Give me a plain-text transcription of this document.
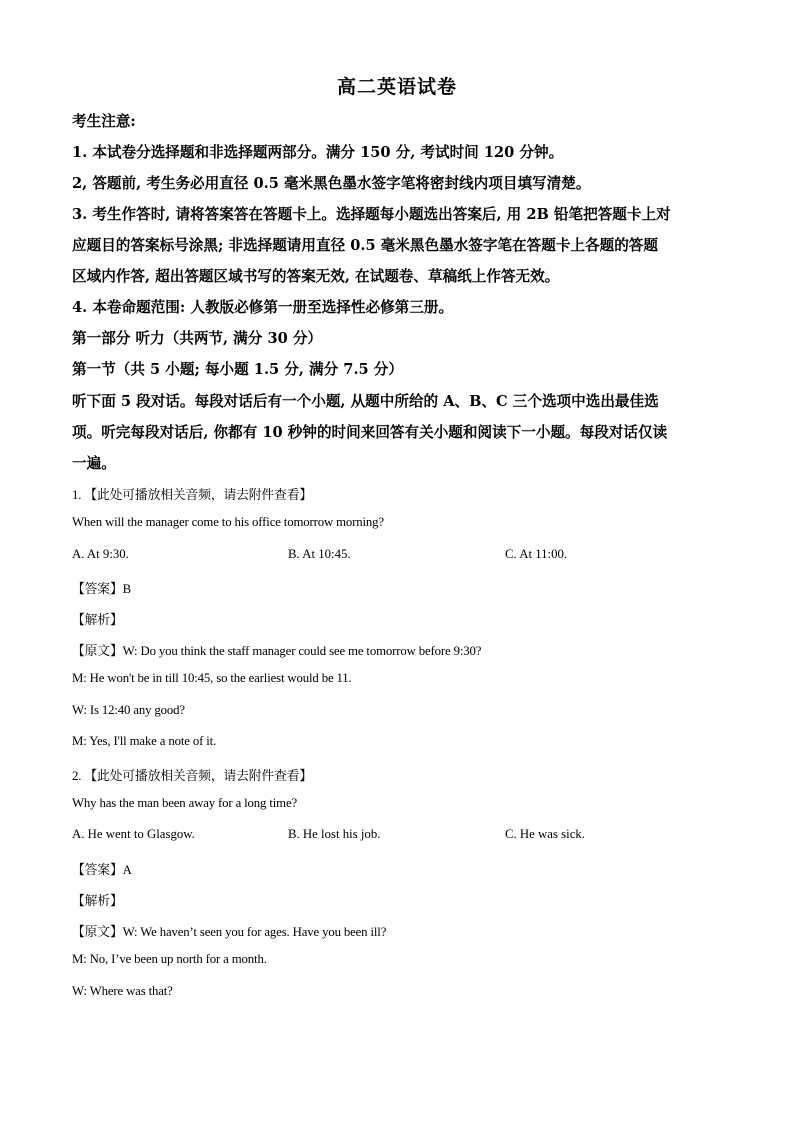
高二英语试卷
考生注意:
1. 本试卷分选择题和非选择题两部分。满分 150 分, 考试时间 120 分钟。
2, 答题前, 考生务必用直径 0.5 毫米黑色墨水签字笔将密封线内项目填写清楚。
3. 考生作答时, 请将答案答在答题卡上。选择题每小题选出答案后, 用 2B 铅笔把答题卡上对
应题目的答案标号涂黑; 非选择题请用直径 0.5 毫米黑色墨水签字笔在答题卡上各题的答题
区域内作答, 超出答题区域书写的答案无效, 在试题卷、草稿纸上作答无效。
4. 本卷命题范围: 人教版必修第一册至选择性必修第三册。
第一部分 听力（共两节, 满分 30 分）
第一节（共 5 小题; 每小题 1.5 分, 满分 7.5 分）
听下面 5 段对话。每段对话后有一个小题, 从题中所给的 A、B、C 三个选项中选出最佳选
项。听完每段对话后, 你都有 10 秒钟的时间来回答有关小题和阅读下一小题。每段对话仅读
一遍。
1. 【此处可播放相关音频，请去附件查看】
When will the manager come to his office tomorrow morning?
A. At 9:30.	B. At 10:45.	C. At 11:00.
【答案】B
【解析】
【原文】W: Do you think the staff manager could see me tomorrow before 9:30?
M: He won't be in till 10:45, so the earliest would be 11.
W: Is 12:40 any good?
M: Yes, I'll make a note of it.
2. 【此处可播放相关音频，请去附件查看】
Why has the man been away for a long time?
A. He went to Glasgow.	B. He lost his job.	C. He was sick.
【答案】A
【解析】
【原文】W: We haven’t seen you for ages. Have you been ill?
M: No, I’ve been up north for a month.
W: Where was that?
